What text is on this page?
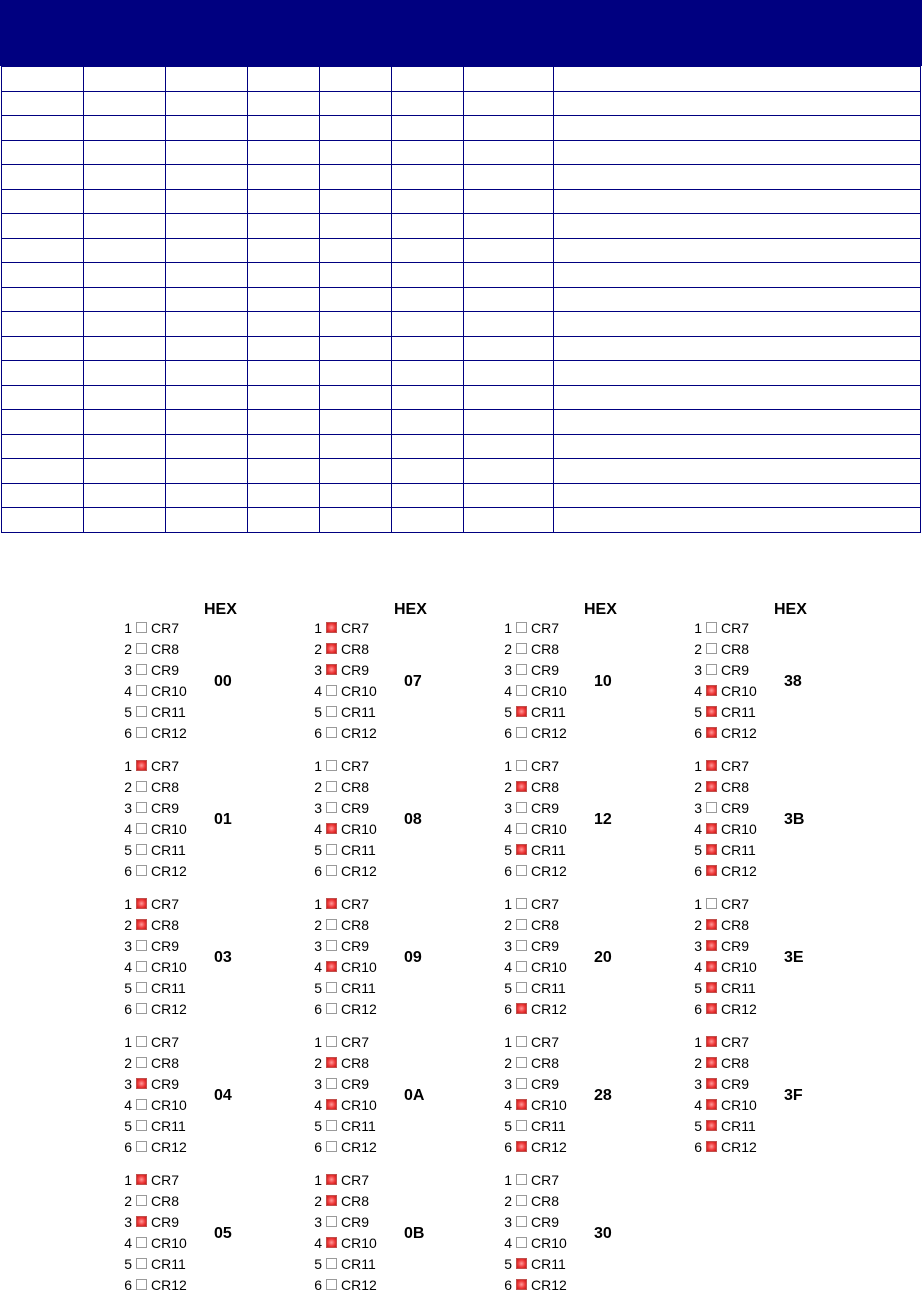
HEX
1 CR7
2 CR8
3 CR9
4 CR10
5 CR11
6 CR12
00
1 CR7
2 CR8
3 CR9
4 CR10
5 CR11
6 CR12
01
1 CR7
2 CR8
3 CR9
4 CR10
5 CR11
6 CR12
03
1 CR7
2 CR8
3 CR9
4 CR10
5 CR11
6 CR12
04
1 CR7
2 CR8
3 CR9
4 CR10
5 CR11
6 CR12
05
HEX
1 CR7
2 CR8
3 CR9
4 CR10
5 CR11
6 CR12
07
1 CR7
2 CR8
3 CR9
4 CR10
5 CR11
6 CR12
08
1 CR7
2 CR8
3 CR9
4 CR10
5 CR11
6 CR12
09
1 CR7
2 CR8
3 CR9
4 CR10
5 CR11
6 CR12
0A
1 CR7
2 CR8
3 CR9
4 CR10
5 CR11
6 CR12
0B
HEX
1 CR7
2 CR8
3 CR9
4 CR10
5 CR11
6 CR12
10
1 CR7
2 CR8
3 CR9
4 CR10
5 CR11
6 CR12
12
1 CR7
2 CR8
3 CR9
4 CR10
5 CR11
6 CR12
20
1 CR7
2 CR8
3 CR9
4 CR10
5 CR11
6 CR12
28
1 CR7
2 CR8
3 CR9
4 CR10
5 CR11
6 CR12
30
HEX
1 CR7
2 CR8
3 CR9
4 CR10
5 CR11
6 CR12
38
1 CR7
2 CR8
3 CR9
4 CR10
5 CR11
6 CR12
3B
1 CR7
2 CR8
3 CR9
4 CR10
5 CR11
6 CR12
3E
1 CR7
2 CR8
3 CR9
4 CR10
5 CR11
6 CR12
3F
